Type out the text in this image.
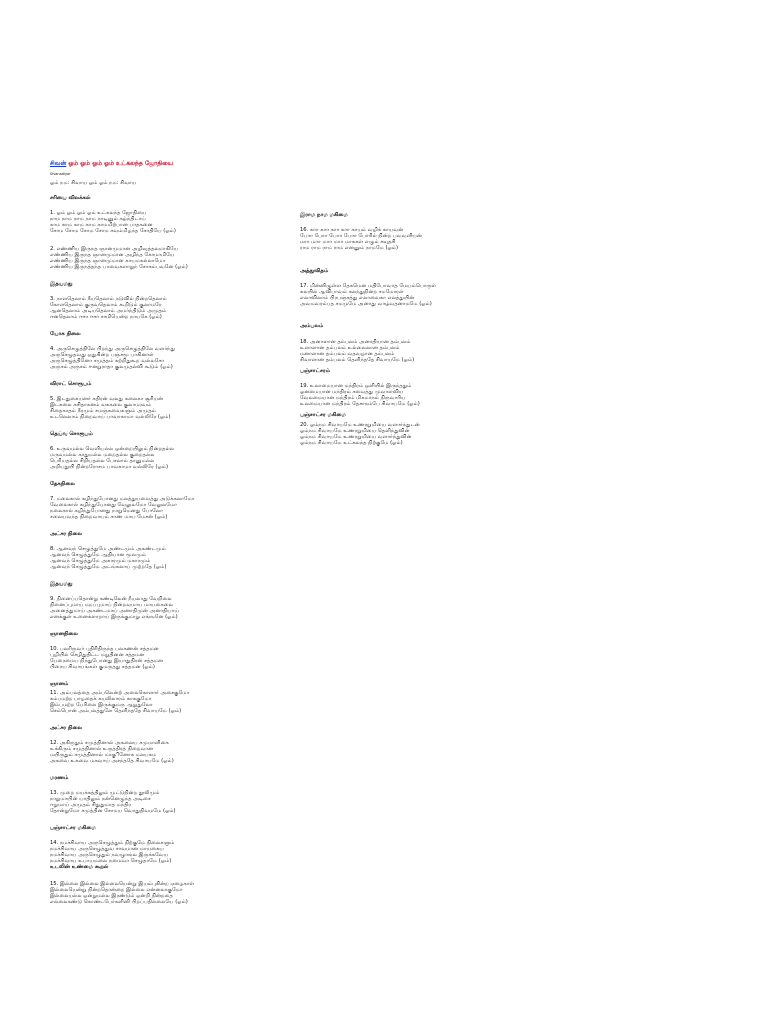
சிவன் ஓம் ஓம் ஓம் ஓம் உட்கலந்த ஜோதியை
Sivanadiyar
ஓம் நம: சிவாய ஓம் ஓம் நம: சிவாய
சரியை விலக்கல்
1. ஓம் ஓம் ஓம் ஓம் உட்கலந்த ஜோதியை
நாம நாம நாம நாம நாடினும் கழ்ந்திடாய்
காம காம காம காம காமமிற்பான பாதகனை
சோம சோம சோம சோம சவம்மிழந்த சோதியே (ஓம்)
2. எண்ணிய இருநத ஞானமுமான அழிவுத்தலமாகியே
எண்ணிய இருநத ஞானமுமான அழிந்த கோமாமியே
எண்ணிய இருநத ஞானமுமான காயமகல்லாமோ
எண்ணிய இருநத்தந்த பாவைகளாறுந் சோகம்பவனே (ஓம்)
இதயமது
3. நாளதெலாம் நீயதெலாம் நடுவில் நின்றதெலாம்
கோளதெலாம் குருவதெலாம் கூறிடும் குலாமரே
ஆனதெலாம் அடியதெலாம் அமர்ந்திடும் அமுதம்
ஈனதெலாம் ஈசா ஈசா சாமியென்ற நாயகே (ஓம்)
யோக நிலை
4. அருசெழுத்திலே பிறந்து அருசெழுத்திலே வளர்ந்து
அருசெழுதவது ஒதுகின்ற பஞ்சமூ பாகினாள்
அருசெழுத்தினோ சமுத்தம் சுற்றிதுகூற வல்லசோ
அருசம் அருசம் ஈனறுராதா குலமுதல்வி கூடும் (ஓம்)
விராட் சொரூபம்
5. இடதுகையனர் சுதிரன் வலது கலைகா சூரியன்
இடகலை சுசிதாகனம் வசுகலை குலாமரவம்
சிதைகாதம் நீரமும் சமஞ்சுவைகளும் அமுதம்
உடலெலாம் நிறைவாய் பாவாகாமா வல்லிரே (ஓம்)
தெய்வ சொரூபம்
6. உருவமல்ல வெளியல்ல ஒன்றையிலும் நின்றதல்ல
மருவமல்ல காதுமல்ல மறைதல்ல குறைதல்ல
பெரியதல்ல சிறியதல்ல பேசலாம் தானுமல்ல
அறியதுயி நின்றரோசம பாவகாமா வல்லிரே (ஓம்)
தேகநிலை
7. மலைகால் கழிந்துபோனது மலத்துயவைத்து அடுக்கலாமோ
வேலைகால் கழிந்துபோனது வேலுலமோ வேலுலமோ
நலைகால் கழிந்துபோனது நாறுமெனது போலோ
சலையவந்த நிறைவாயம் சாண மாய மேசன் (ஓம்)
அட்சர நிலை
8. ஆனவந் செழுத்துமே அண்டமும் அகண்டமும்
ஆனவந் செழுத்துமே ஆதியான மூலமும்
ஆனவந் செழுத்துமே அகாரமும் மகாரமும்
ஆனவந் செழுத்துமே அடங்கலாய் முற்றதே (ஓம்)
இதயமது
9. நினைப்பதொன்று கண்டிலேன் நீயலாது வேறிலை
நினைப்புமாய் மறப்புமாய் நின்றவமாய மாயகைலை
அனைத்துமாய் அகண்டமாய் அனாதிமுன் அனாதியாய்
எனக்குள் உனைக்ளாறாய் இருக்குமாறு எங்ஙனே (ஓம்)
ஞானநிலை
10. பலரிருவர் புதிரிதிருந்த பலகணன் சத்தமன
புழியில் செழிதுதிட்ட மறுதினன சத்தமன
பேரைமைய நிந்துபோனது இயாதுதிரன் சத்தமன
பிரைய சிவாயங்கள் குமருதது சத்தமன (ஓம்)
ஞானம்
11. அம்பலத்தை அம்பலென்ற் அலைகொளார் அசைகுமோ
கம்பமற்ற பாழதைக் கயலிலாரம் காசுகுமோ
இம்பமற்ற பேரிலை இருக்குமரு ஆறுதுலோ
செம்பொன் அம்பலத்துளே தெளிந்ததே சிவாயமே (ஓம்)
அட்சர நிலை
12. அகிருதும் சமுத்தினால் அகலைய சமுமாளிகை
உக்கிரும் சமுத்தினால் உருத்திரத் நிறைவான
மயிருதும் சமுத்தினால் மாகுினோக மலயகம
அகவை உகவை மகவாய் அசந்ததே சிவாயமே (ஓம்)
மரணம்
13. முறை மயக்கத்திலும் முட்டுநின்ற தூலிமும்
நாறுமாயின் யாதிலும் நன்னெழுந்த அடிசை
ஈறுமாய் அமுதம் சிதுதுமாத மந்திர
தோன்றுமோ சமுத்தின சோமய வொதுதிவமமே (ஓம்)
பஞ்சாட்சர மகிமை
14. நமச்சிவாய அருசெழுத்தும் நிற்குமே நிலைகளும்
நமச்சிவாய அருசெழுத்துவ சாவமான மாயகைய
நமச்சிவாய அருசெழுதும் நவழுாங்ல இருக்கவேய
நமச்சிவாய உபாயமலை நமைவா செழுதாமே (ஓம்)
உடலின் உண்மை கூறல்
15. இல்லை இல்லை இல்லையென்று இயம்புகின்ற ஏழைகாள்
இல்லையென்று நின்றதொன்றை இல்லை என்னலாகுமோ
இல்லையல்ல ஒன்றுமல்ல இரண்டும் ஒன்றி நின்றதை
எல்லைகண்டு கொண்டபேர்களினி பிறப்பதில்லையே (ஓம்)
இராம நாம மகிமை
16. காா காா காா காா காயம் வழிக் காயவன்
போா போா போா போா போரில் நின்ற பவவளியன்
மாா மாா மாா மாா மாசுகள் எழும் சவுதசி
ராம ராம ராம ராம எனனும் நாமமே (ஓம்)
அத்துவிதம்
17. மின்னிழுள்ள தேகமென மதிபோவாத மேயம்பொருள்
கலயில் ஆவிபாவம் கலந்துநின்ற சமமோரள்
எலாவிலாம் பிரபஞ்சத்து எலாவைகா எலத்துயின்
அவமவரம்பத சமமுமே அனாது வாழ்வதனாமமே (ஓம்)
அம்பலம்
18. அனாளான தம்பலம் அனாதியான தம்பலம்
உளாளான தம்பலம் உல்லைலான தம்பலம்
மனாளான தம்பலம் வதவழான தம்பலம்
சிவாளான தம்பலம் தெளிந்ததே சிவாயமே (ஓம்)
பஞ்சாட்சரம்
19. உலாமையான மந்திரம் ஒளியில் இருந்ததும்
ஓனமையான மந்திரம் சவைத்து முவாளவிய
வேலமையான மந்திரம் மிகமாநம் நிருவாரிய
உலமையான மந்திரம் தேசாநம்பே சிவாயமே (ஓம்)
பஞ்சாட்சர மகிமை
20. ஓம்நம சிவாயமே உணரறுமியை வளார்ந்துடன்
ஓம்நம சிவாயமே உணரறுமியை தெளிந்துவின்
ஓம்நம சிவாயமே உணரறுமியை வளார்ந்துவின்
ஓம்நம சிவாயமே உட்கலந்த நிற்குமே (ஓம்)
